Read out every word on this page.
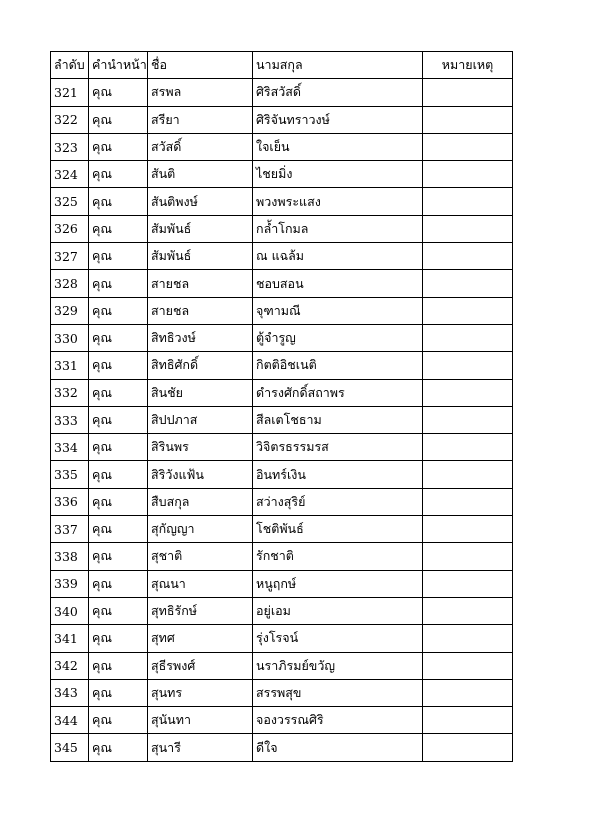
ลำดับ	คำนำหน้า	ชื่อ	นามสกุล	หมายเหตุ
321	คุณ	สรพล	ศิริสวัสดิ์	
322	คุณ	สรียา	ศิริจันทราวงษ์	
323	คุณ	สวัสดิ์	ใจเย็น	
324	คุณ	สันติ	ไชยมิ่ง	
325	คุณ	สันติพงษ์	พวงพระแสง	
326	คุณ	สัมพันธ์	กล้ำโกมล	
327	คุณ	สัมพันธ์	ณ แฉล้ม	
328	คุณ	สายชล	ชอบสอน	
329	คุณ	สายชล	จุฑามณี	
330	คุณ	สิทธิวงษ์	ตู้จำรูญ	
331	คุณ	สิทธิศักดิ์	กิตติอิชเนติ	
332	คุณ	สินชัย	ดำรงศักดิ์สถาพร	
333	คุณ	สิปปภาส	สีลเตโชธาม	
334	คุณ	สิรินพร	วิจิตรธรรมรส	
335	คุณ	สิริวังแฟ้น	อินทร์เงิน	
336	คุณ	สืบสกุล	สว่างสุริย์	
337	คุณ	สุกัญญา	โชติพันธ์	
338	คุณ	สุชาติ	รักชาติ	
339	คุณ	สุณนา	หนูฤกษ์	
340	คุณ	สุทธิรักษ์	อยู่เอม	
341	คุณ	สุทศ	รุ่งโรจน์	
342	คุณ	สุธีรพงศ์	นราภิรมย์ขวัญ	
343	คุณ	สุนทร	สรรพสุข	
344	คุณ	สุนันทา	จองวรรณศิริ	
345	คุณ	สุนารี	ดีใจ	
